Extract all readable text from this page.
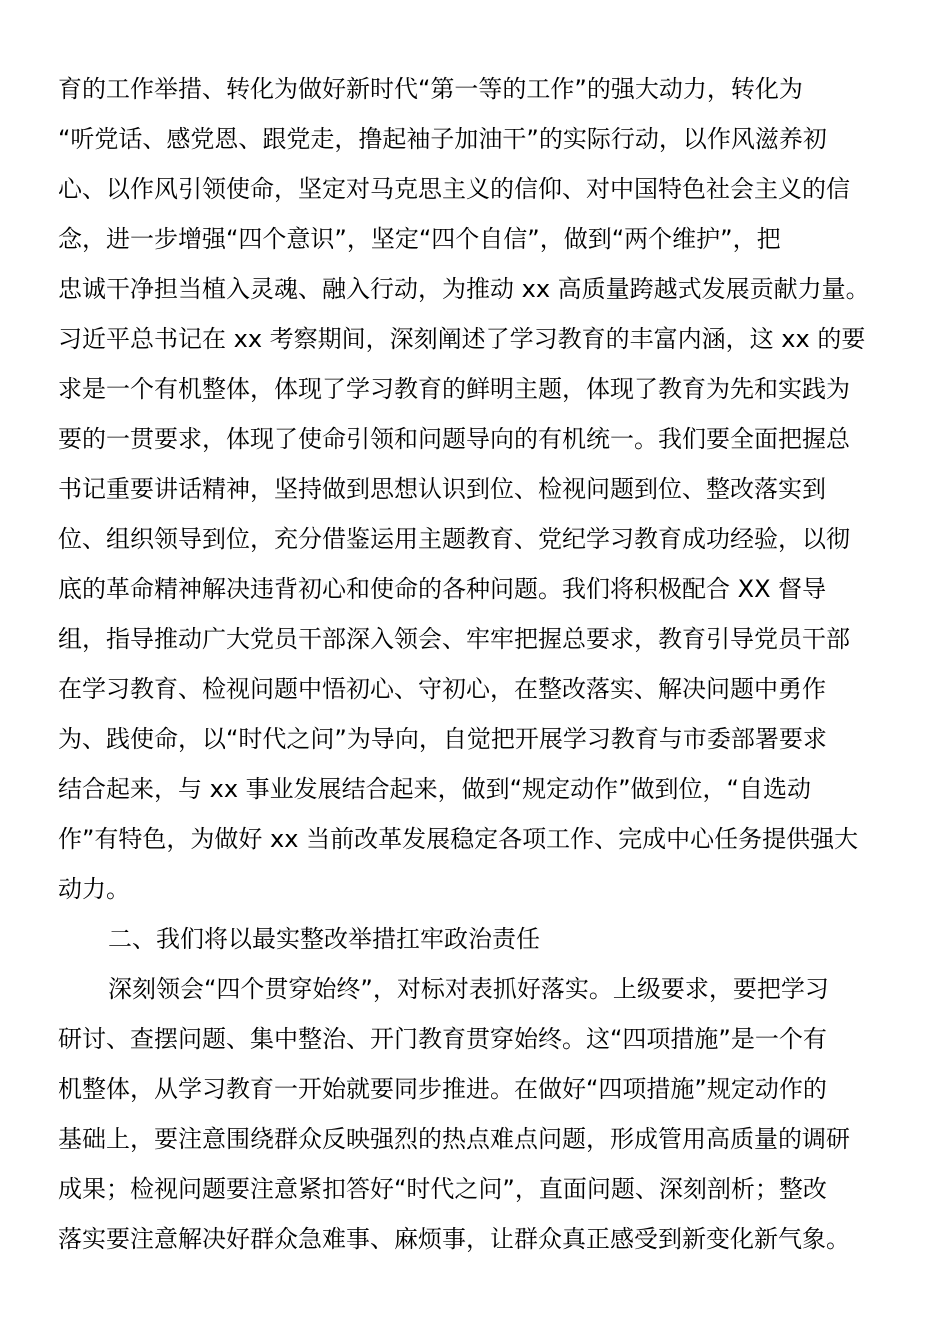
育的工作举措、转化为做好新时代“第一等的工作”的强大动力，转化为
“听党话、感党恩、跟党走，撸起袖子加油干”的实际行动，以作风滋养初
心、以作风引领使命，坚定对马克思主义的信仰、对中国特色社会主义的信
念，进一步增强“四个意识”，坚定“四个自信”，做到“两个维护”，把
忠诚干净担当植入灵魂、融入行动，为推动 xx 高质量跨越式发展贡献力量。
习近平总书记在 xx 考察期间，深刻阐述了学习教育的丰富内涵，这 xx 的要
求是一个有机整体，体现了学习教育的鲜明主题，体现了教育为先和实践为
要的一贯要求，体现了使命引领和问题导向的有机统一。我们要全面把握总
书记重要讲话精神，坚持做到思想认识到位、检视问题到位、整改落实到
位、组织领导到位，充分借鉴运用主题教育、党纪学习教育成功经验，以彻
底的革命精神解决违背初心和使命的各种问题。我们将积极配合 XX 督导
组，指导推动广大党员干部深入领会、牢牢把握总要求，教育引导党员干部
在学习教育、检视问题中悟初心、守初心，在整改落实、解决问题中勇作
为、践使命，以“时代之问”为导向，自觉把开展学习教育与市委部署要求
结合起来，与 xx 事业发展结合起来，做到“规定动作”做到位，“自选动
作”有特色，为做好 xx 当前改革发展稳定各项工作、完成中心任务提供强大
动力。
二、我们将以最实整改举措扛牢政治责任
深刻领会“四个贯穿始终”，对标对表抓好落实。上级要求，要把学习
研讨、查摆问题、集中整治、开门教育贯穿始终。这“四项措施”是一个有
机整体，从学习教育一开始就要同步推进。在做好“四项措施”规定动作的
基础上，要注意围绕群众反映强烈的热点难点问题，形成管用高质量的调研
成果；检视问题要注意紧扣答好“时代之问”，直面问题、深刻剖析；整改
落实要注意解决好群众急难事、麻烦事，让群众真正感受到新变化新气象。
